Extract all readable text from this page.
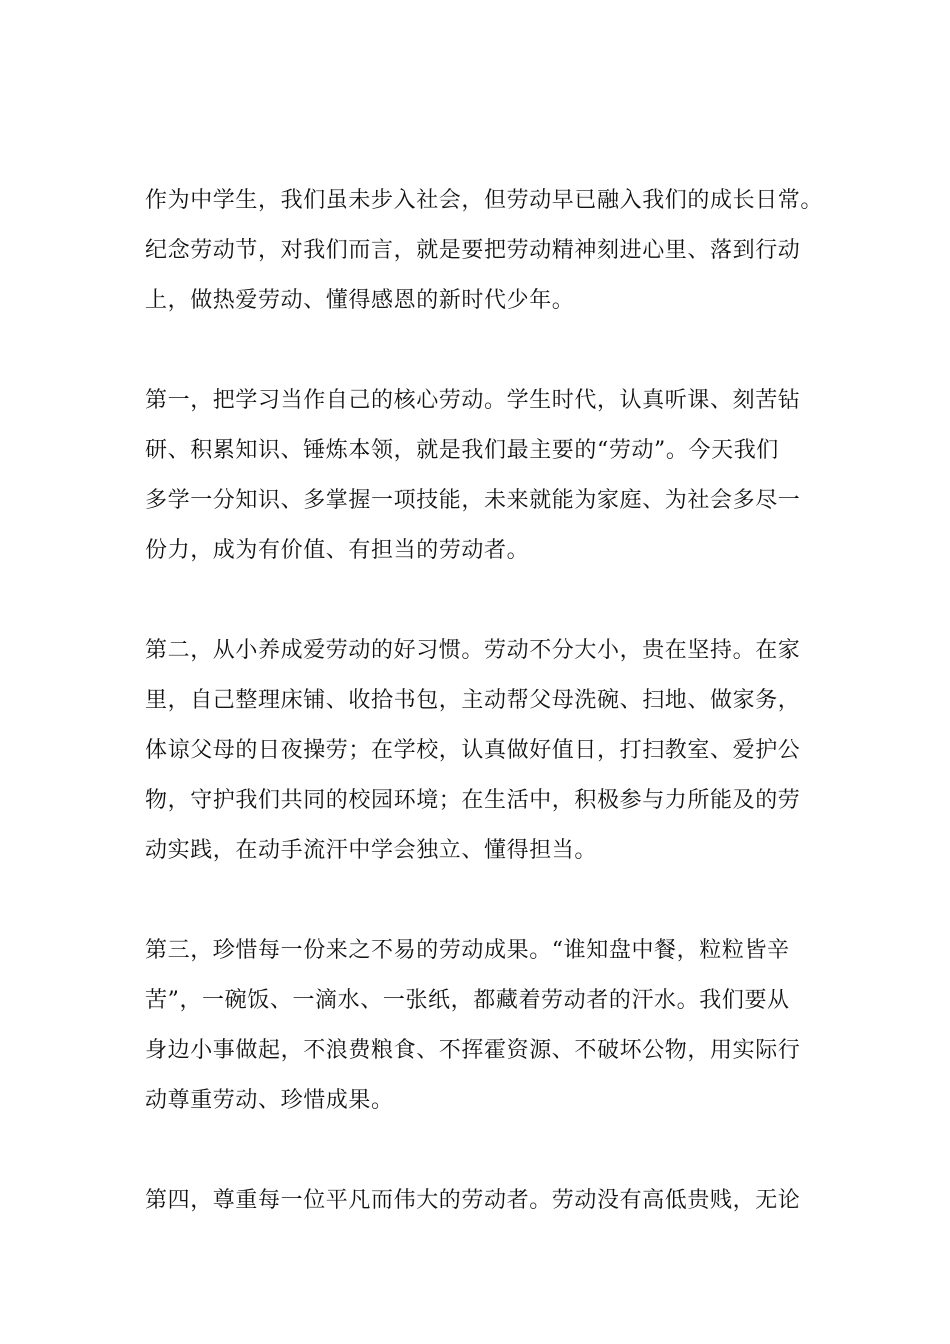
作为中学生，我们虽未步入社会，但劳动早已融入我们的成长日常。
纪念劳动节，对我们而言，就是要把劳动精神刻进心里、落到行动
上，做热爱劳动、懂得感恩的新时代少年。

第一，把学习当作自己的核心劳动。学生时代，认真听课、刻苦钻
研、积累知识、锤炼本领，就是我们最主要的“劳动”。今天我们
多学一分知识、多掌握一项技能，未来就能为家庭、为社会多尽一
份力，成为有价值、有担当的劳动者。

第二，从小养成爱劳动的好习惯。劳动不分大小，贵在坚持。在家
里，自己整理床铺、收拾书包，主动帮父母洗碗、扫地、做家务，
体谅父母的日夜操劳；在学校，认真做好值日，打扫教室、爱护公
物，守护我们共同的校园环境；在生活中，积极参与力所能及的劳
动实践，在动手流汗中学会独立、懂得担当。

第三，珍惜每一份来之不易的劳动成果。“谁知盘中餐，粒粒皆辛
苦”，一碗饭、一滴水、一张纸，都藏着劳动者的汗水。我们要从
身边小事做起，不浪费粮食、不挥霍资源、不破坏公物，用实际行
动尊重劳动、珍惜成果。

第四，尊重每一位平凡而伟大的劳动者。劳动没有高低贵贱，无论
